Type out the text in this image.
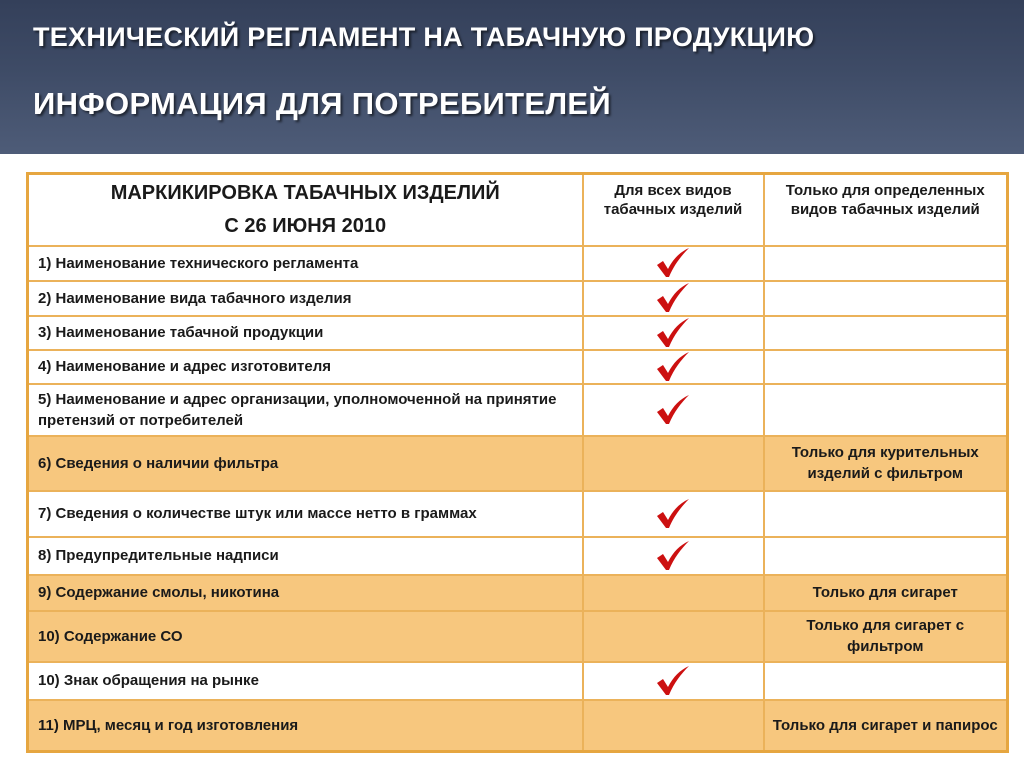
ТЕХНИЧЕСКИЙ РЕГЛАМЕНТ НА ТАБАЧНУЮ ПРОДУКЦИЮ
ИНФОРМАЦИЯ ДЛЯ ПОТРЕБИТЕЛЕЙ
МАРКИКИРОВКА ТАБАЧНЫХ ИЗДЕЛИЙ
С 26 ИЮНЯ 2010	Для всех видов табачных изделий	Только для определенных видов табачных изделий
1) Наименование технического регламента	

2) Наименование вида табачного изделия	

3) Наименование табачной продукции	

4) Наименование и адрес изготовителя	

5) Наименование и адрес организации, уполномоченной на принятие претензий от потребителей	

6) Сведения о наличии фильтра		Только для курительных изделий с фильтром
7) Сведения о количестве штук или массе нетто в граммах	

8) Предупредительные надписи	

9) Содержание смолы, никотина		Только для сигарет
10) Содержание СО		Только для сигарет с фильтром
10) Знак обращения на рынке	

11) МРЦ, месяц и год изготовления		Только для сигарет и папирос
